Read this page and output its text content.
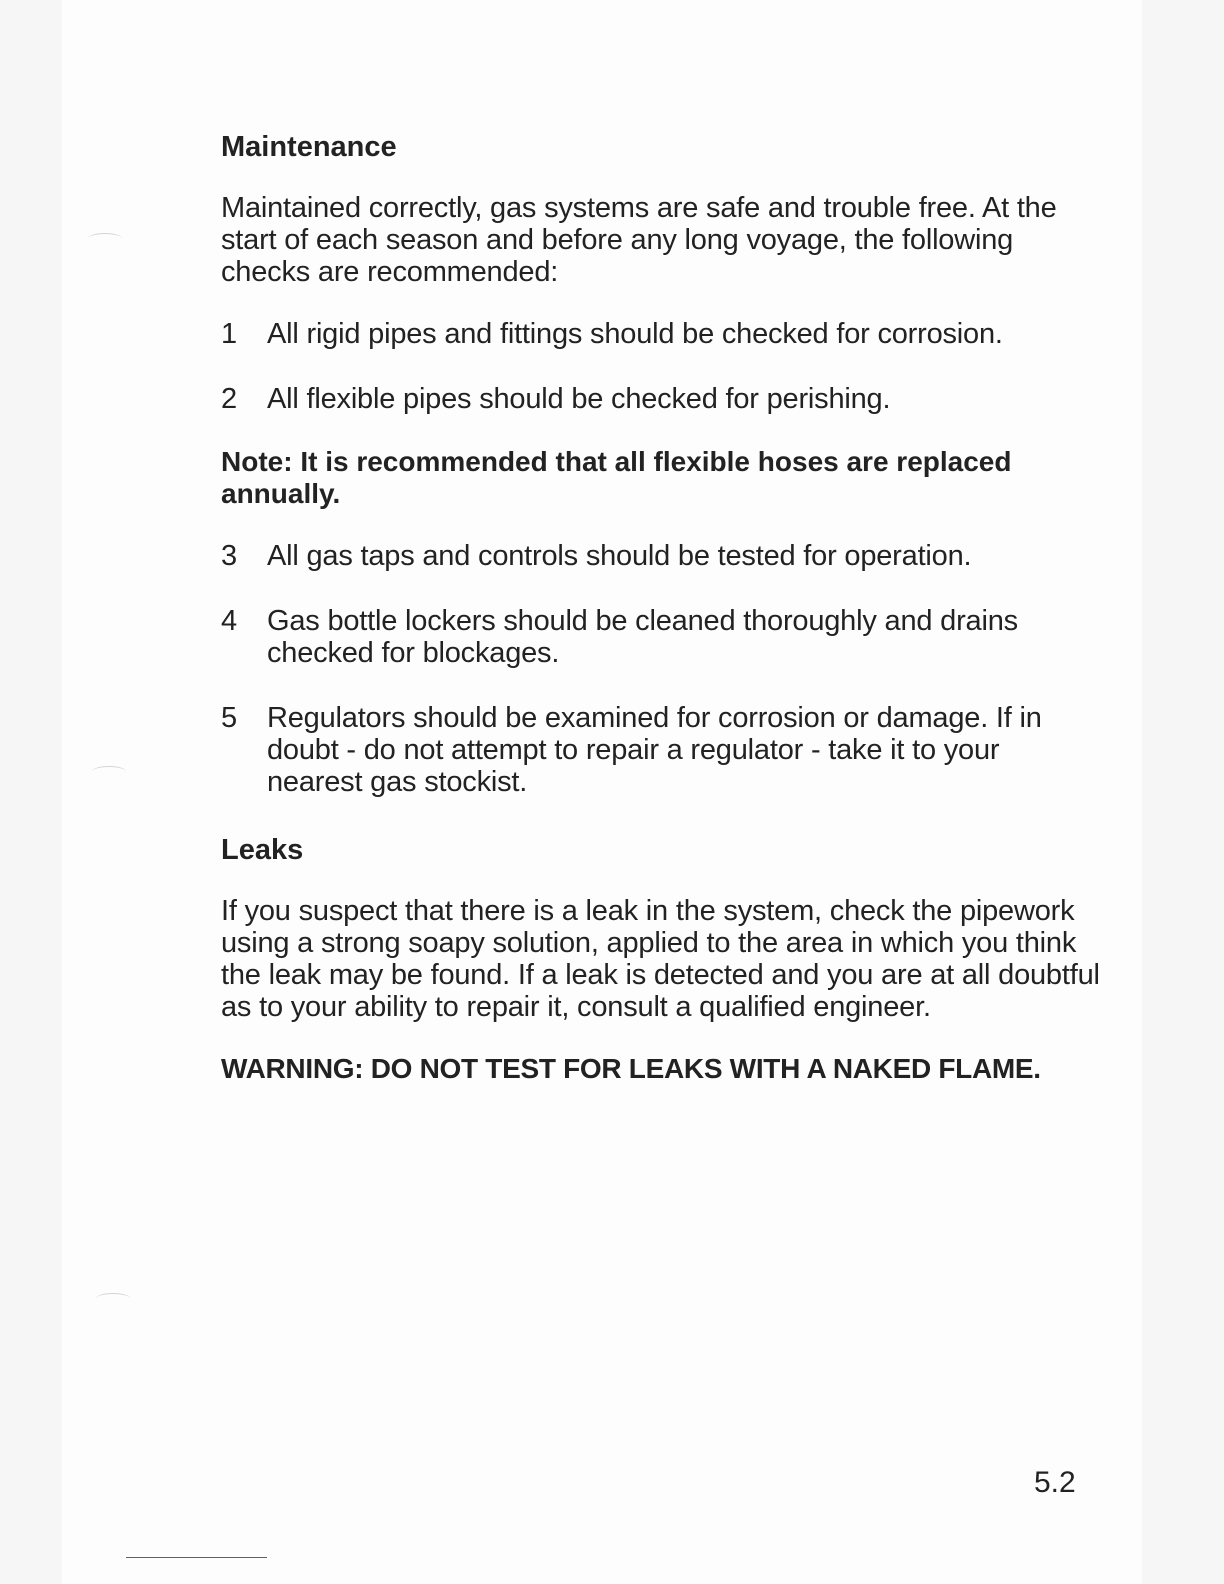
Maintenance
Maintained correctly, gas systems are safe and trouble free. At the start of each season and before any long voyage, the following checks are recommended:
1	All rigid pipes and fittings should be checked for corrosion.
2	All flexible pipes should be checked for perishing.
Note: It is recommended that all flexible hoses are replaced annually.
3	All gas taps and controls should be tested for operation.
4	Gas bottle lockers should be cleaned thoroughly and drains checked for blockages.
5	Regulators should be examined for corrosion or damage. If in doubt - do not attempt to repair a regulator - take it to your nearest gas stockist.
Leaks
If you suspect that there is a leak in the system, check the pipework using a strong soapy solution, applied to the area in which you think the leak may be found. If a leak is detected and you are at all doubtful as to your ability to repair it, consult a qualified engineer.
WARNING: DO NOT TEST FOR LEAKS WITH A NAKED FLAME.
5.2
